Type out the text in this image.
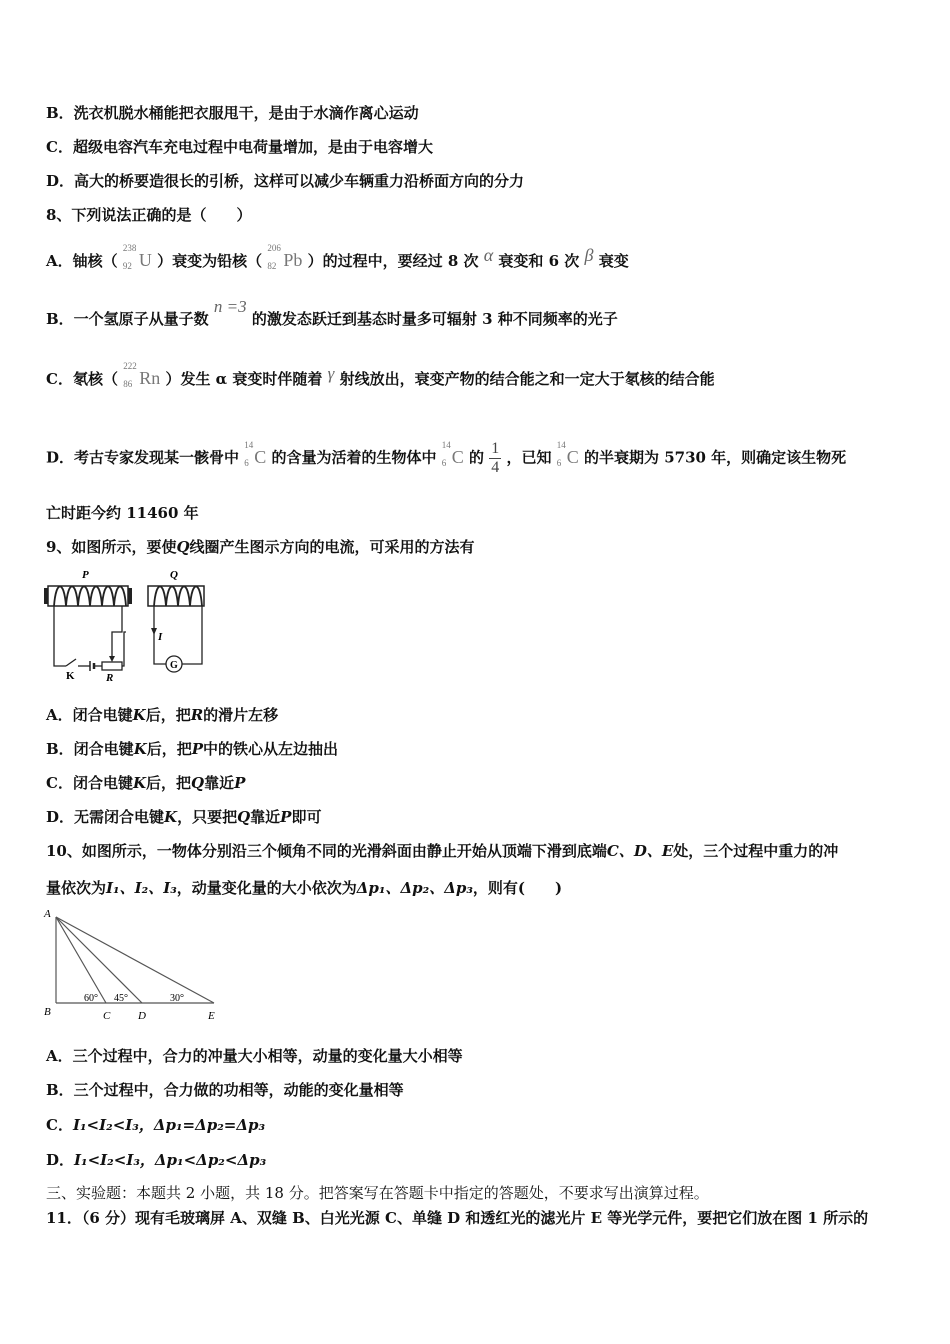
B．洗衣机脱水桶能把衣服甩干，是由于水滴作离心运动
C．超级电容汽车充电过程中电荷量增加，是由于电容增大
D．高大的桥要造很长的引桥，这样可以减少车辆重力沿桥面方向的分力
8、下列说法正确的是（　　）
A．铀核（
238
92 U ）衰变为铅核（
206
82 Pb ）的过程中，要经过 8 次 α 衰变和 6 次 β 衰变
B．一个氢原子从量子数 n =3 的激发态跃迁到基态时量多可辐射 3 种不同频率的光子
C．氡核（
222
86 Rn ）发生 α 衰变时伴随着 γ 射线放出，衰变产物的结合能之和一定大于氡核的结合能
D．考古专家发现某一骸骨中
14
6 C 的含量为活着的生物体中
14
6 C 的 $\frac{1}{4}$ ，已知
14
6 C 的半衰期为 5730 年，则确定该生物死
亡时距今约 11460 年
9、如图所示，要使Q线圈产生图示方向的电流，可采用的方法有
P	Q
K	R
G
I
A．闭合电键K后，把R的滑片左移
B．闭合电键K后，把P中的铁心从左边抽出
C．闭合电键K后，把Q靠近P
D．无需闭合电键K，只要把Q靠近P即可
10、如图所示，一物体分别沿三个倾角不同的光滑斜面由静止开始从顶端下滑到底端C、D、E处，三个过程中重力的冲
量依次为I₁、I₂、I₃，动量变化量的大小依次为Δp₁、Δp₂、Δp₃，则有(　　)
A
B
60° 45°	30°
C	D	E
A．三个过程中，合力的冲量大小相等，动量的变化量大小相等
B．三个过程中，合力做的功相等，动能的变化量相等
C．I₁<I₂<I₃，Δp₁=Δp₂=Δp₃
D．I₁<I₂<I₃，Δp₁<Δp₂<Δp₃
三、实验题：本题共 2 小题，共 18 分。把答案写在答题卡中指定的答题处，不要求写出演算过程。
11．（6 分）现有毛玻璃屏 A、双缝 B、白光光源 C、单缝 D 和透红光的滤光片 E 等光学元件，要把它们放在图 1 所示的
